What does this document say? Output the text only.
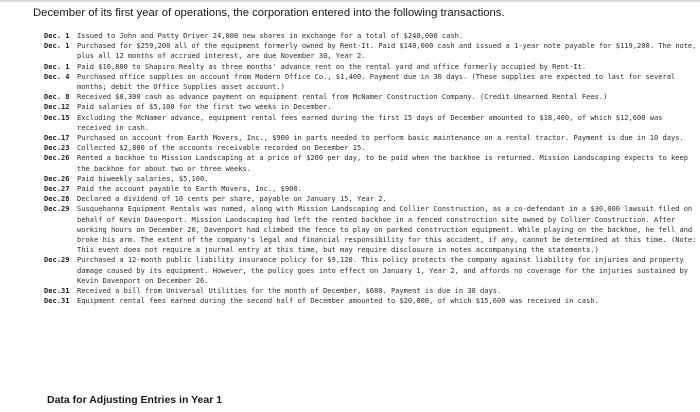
December of its first year of operations, the corporation entered into the following transactions.
Dec. 1	Issued to John and Patty Driver 24,000 new shares in exchange for a total of $240,000 cash.
Dec. 1	Purchased for $259,200 all of the equipment formerly owned by Rent-It. Paid $140,000 cash and issued a 1-year note payable for $119,200. The note, plus all 12 months of accrued interest, are due November 30, Year 2.
Dec. 1	Paid $10,800 to Shapiro Realty as three months' advance rent on the rental yard and office formerly occupied by Rent-It.
Dec. 4	Purchased office supplies on account from Modern Office Co., $1,400. Payment due in 30 days. (These supplies are expected to last for several months; debit the Office Supplies asset account.)
Dec. 8	Received $8,300 cash as advance payment on equipment rental from McNamer Construction Company. (Credit Unearned Rental Fees.)
Dec.12	Paid salaries of $5,100 for the first two weeks in December.
Dec.15	Excluding the McNamer advance, equipment rental fees earned during the first 15 days of December amounted to $18,400, of which $12,600 was received in cash.
Dec.17	Purchased on account from Earth Movers, Inc., $900 in parts needed to perform basic maintenance on a rental tractor. Payment is due in 10 days.
Dec.23	Collected $2,800 of the accounts receivable recorded on December 15.
Dec.26	Rented a backhoe to Mission Landscaping at a price of $260 per day, to be paid when the backhoe is returned. Mission Landscaping expects to keep the backhoe for about two or three weeks.
Dec.26	Paid biweekly salaries, $5,100.
Dec.27	Paid the account payable to Earth Movers, Inc., $900.
Dec.28	Declared a dividend of 10 cents per share, payable on January 15, Year 2.
Dec.29	Susquehanna Equipment Rentals was named, along with Mission Landscaping and Collier Construction, as a co-defendant in a $30,000 lawsuit filed on behalf of Kevin Davenport. Mission Landscaping had left the rented backhoe in a fenced construction site owned by Collier Construction. After working hours on December 26, Davenport had climbed the fence to play on parked construction equipment. While playing on the backhoe, he fell and broke his arm. The extent of the company's legal and financial responsibility for this accident, if any, cannot be determined at this time. (Note: This event does not require a journal entry at this time, but may require disclosure in notes accompanying the statements.)
Dec.29	Purchased a 12-month public liability insurance policy for $9,120. This policy protects the company against liability for injuries and property damage caused by its equipment. However, the policy goes into effect on January 1, Year 2, and affords no coverage for the injuries sustained by Kevin Davenport on December 26.
Dec.31	Received a bill from Universal Utilities for the month of December, $680. Payment is due in 30 days.
Dec.31	Equipment rental fees earned during the second half of December amounted to $20,000, of which $15,600 was received in cash.
Data for Adjusting Entries in Year 1
